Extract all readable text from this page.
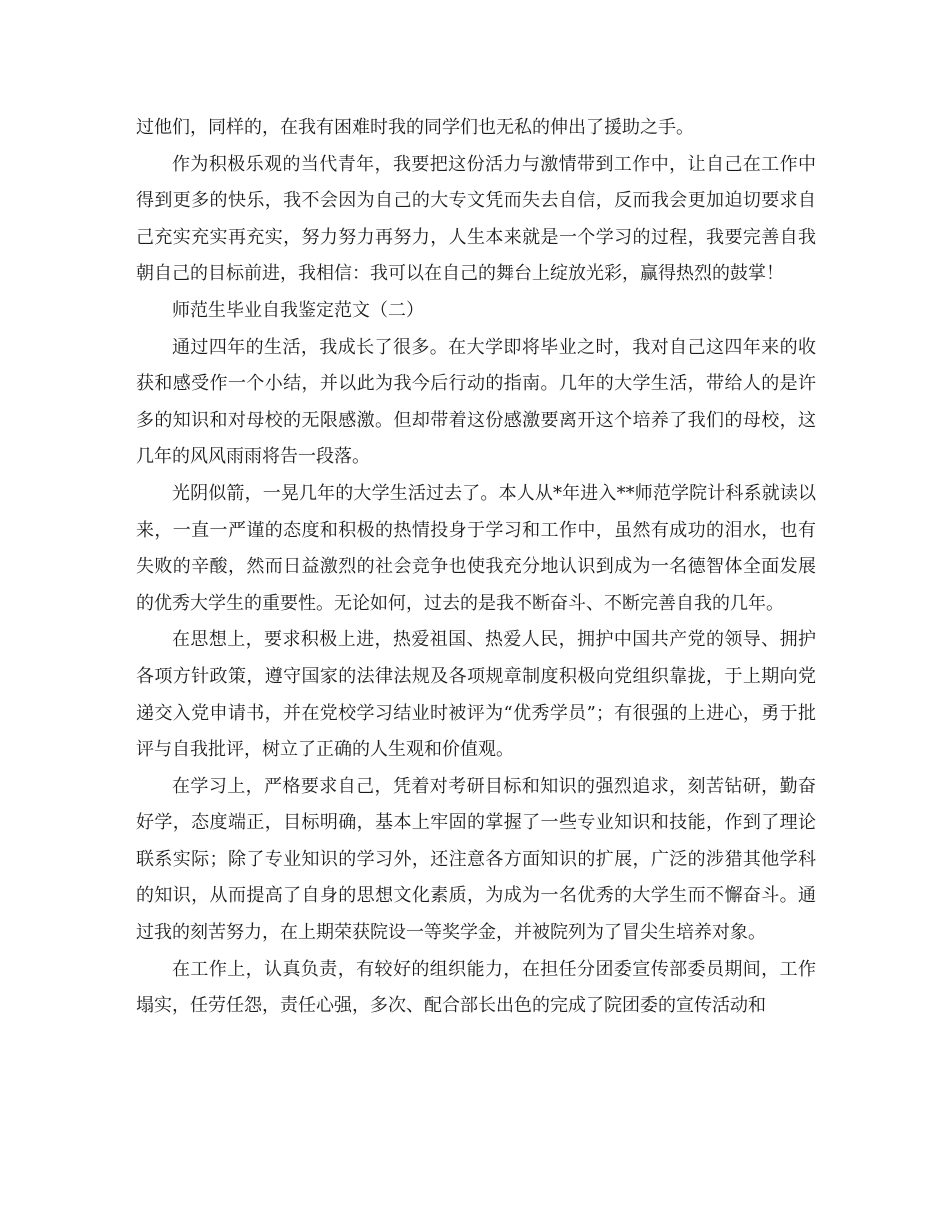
过他们，同样的，在我有困难时我的同学们也无私的伸出了援助之手。

作为积极乐观的当代青年，我要把这份活力与激情带到工作中，让自己在工作中得到更多的快乐，我不会因为自己的大专文凭而失去自信，反而我会更加迫切要求自己充实充实再充实，努力努力再努力，人生本来就是一个学习的过程，我要完善自我朝自己的目标前进，我相信：我可以在自己的舞台上绽放光彩，赢得热烈的鼓掌！

师范生毕业自我鉴定范文（二）

通过四年的生活，我成长了很多。在大学即将毕业之时，我对自己这四年来的收获和感受作一个小结，并以此为我今后行动的指南。几年的大学生活，带给人的是许多的知识和对母校的无限感激。但却带着这份感激要离开这个培养了我们的母校，这几年的风风雨雨将告一段落。

光阴似箭，一晃几年的大学生活过去了。本人从*年进入**师范学院计科系就读以来，一直一严谨的态度和积极的热情投身于学习和工作中，虽然有成功的泪水，也有失败的辛酸，然而日益激烈的社会竞争也使我充分地认识到成为一名德智体全面发展的优秀大学生的重要性。无论如何，过去的是我不断奋斗、不断完善自我的几年。

在思想上，要求积极上进，热爱祖国、热爱人民，拥护中国共产党的领导、拥护各项方针政策，遵守国家的法律法规及各项规章制度积极向党组织靠拢，于上期向党递交入党申请书，并在党校学习结业时被评为“优秀学员”；有很强的上进心，勇于批评与自我批评，树立了正确的人生观和价值观。

在学习上，严格要求自己，凭着对考研目标和知识的强烈追求，刻苦钻研，勤奋好学，态度端正，目标明确，基本上牢固的掌握了一些专业知识和技能，作到了理论联系实际；除了专业知识的学习外，还注意各方面知识的扩展，广泛的涉猎其他学科的知识，从而提高了自身的思想文化素质，为成为一名优秀的大学生而不懈奋斗。通过我的刻苦努力，在上期荣获院设一等奖学金，并被院列为了冒尖生培养对象。

在工作上，认真负责，有较好的组织能力，在担任分团委宣传部委员期间，工作塌实，任劳任怨，责任心强，多次、配合部长出色的完成了院团委的宣传活动和
